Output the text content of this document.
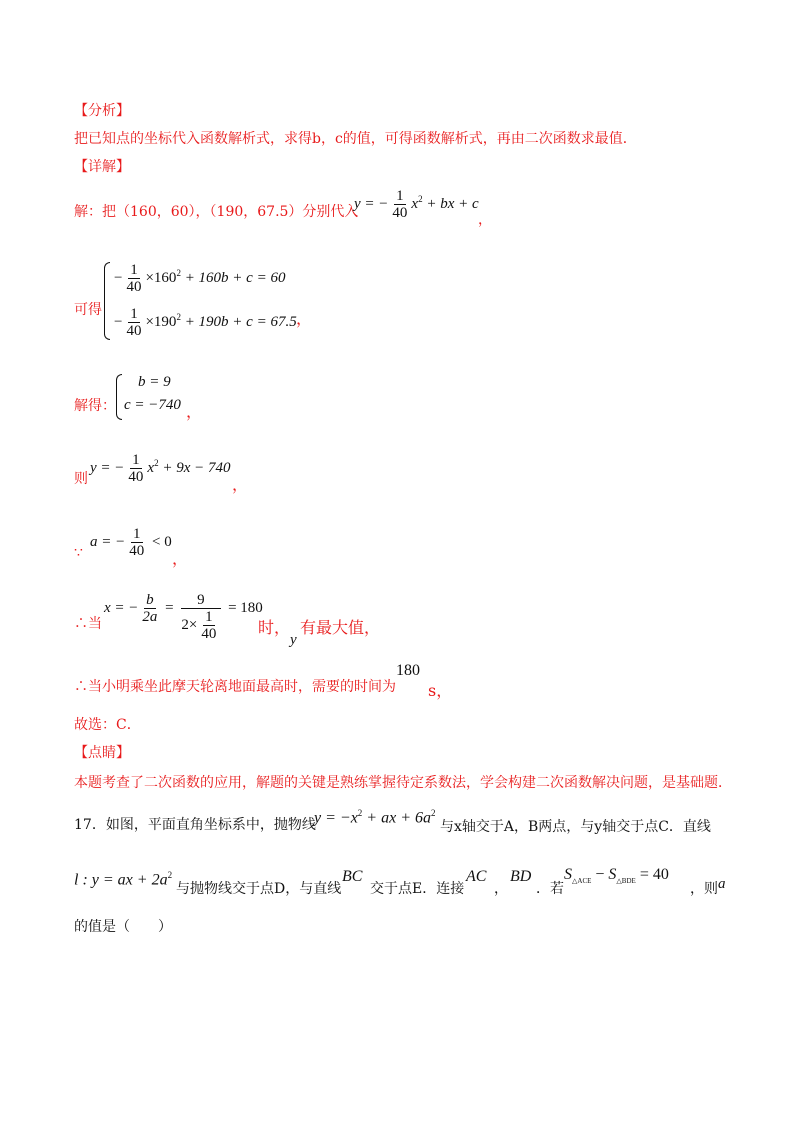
【分析】
把已知点的坐标代入函数解析式，求得b，c的值，可得函数解析式，再由二次函数求最值．
【详解】
解：把（160，60），（190，67.5）分别代入
y = − $\frac{1}{40} x^2$ + bx + c
，
可得
− $\frac{1}{40} \times 160^2 + 160b + c = 60$
− $\frac{1}{40} \times 190^2 + 190b + c = 67.5$ ，
解得：
b = 9
c = −740 ，
则
y = − $\frac{1}{40} x^2 + 9x - 740$
，
∵
a = − $\frac{1}{40} < 0$
，
∴当
x = − $\frac{b}{2a} = \frac{9}{2\times \frac{1}{40}} = 180$
时，
y
有最大值，
∴当小明乘坐此摩天轮离地面最高时，需要的时间为
180
s，
故选：C．
【点睛】
本题考查了二次函数的应用，解题的关键是熟练掌握待定系数法，学会构建二次函数解决问题，是基础题．
17．如图，平面直角坐标系中，抛物线
$y = -x^2$ + ax + $6a^2$
与x轴交于A，B两点，与y轴交于点C．直线
l : y = ax + $2a^2$
与抛物线交于点D，与直线
BC
交于点E．连接
AC
，
BD
．若
$S_{\triangle ACE} - S_{\triangle BDE} = 40$
，则 a
的值是（　　）
